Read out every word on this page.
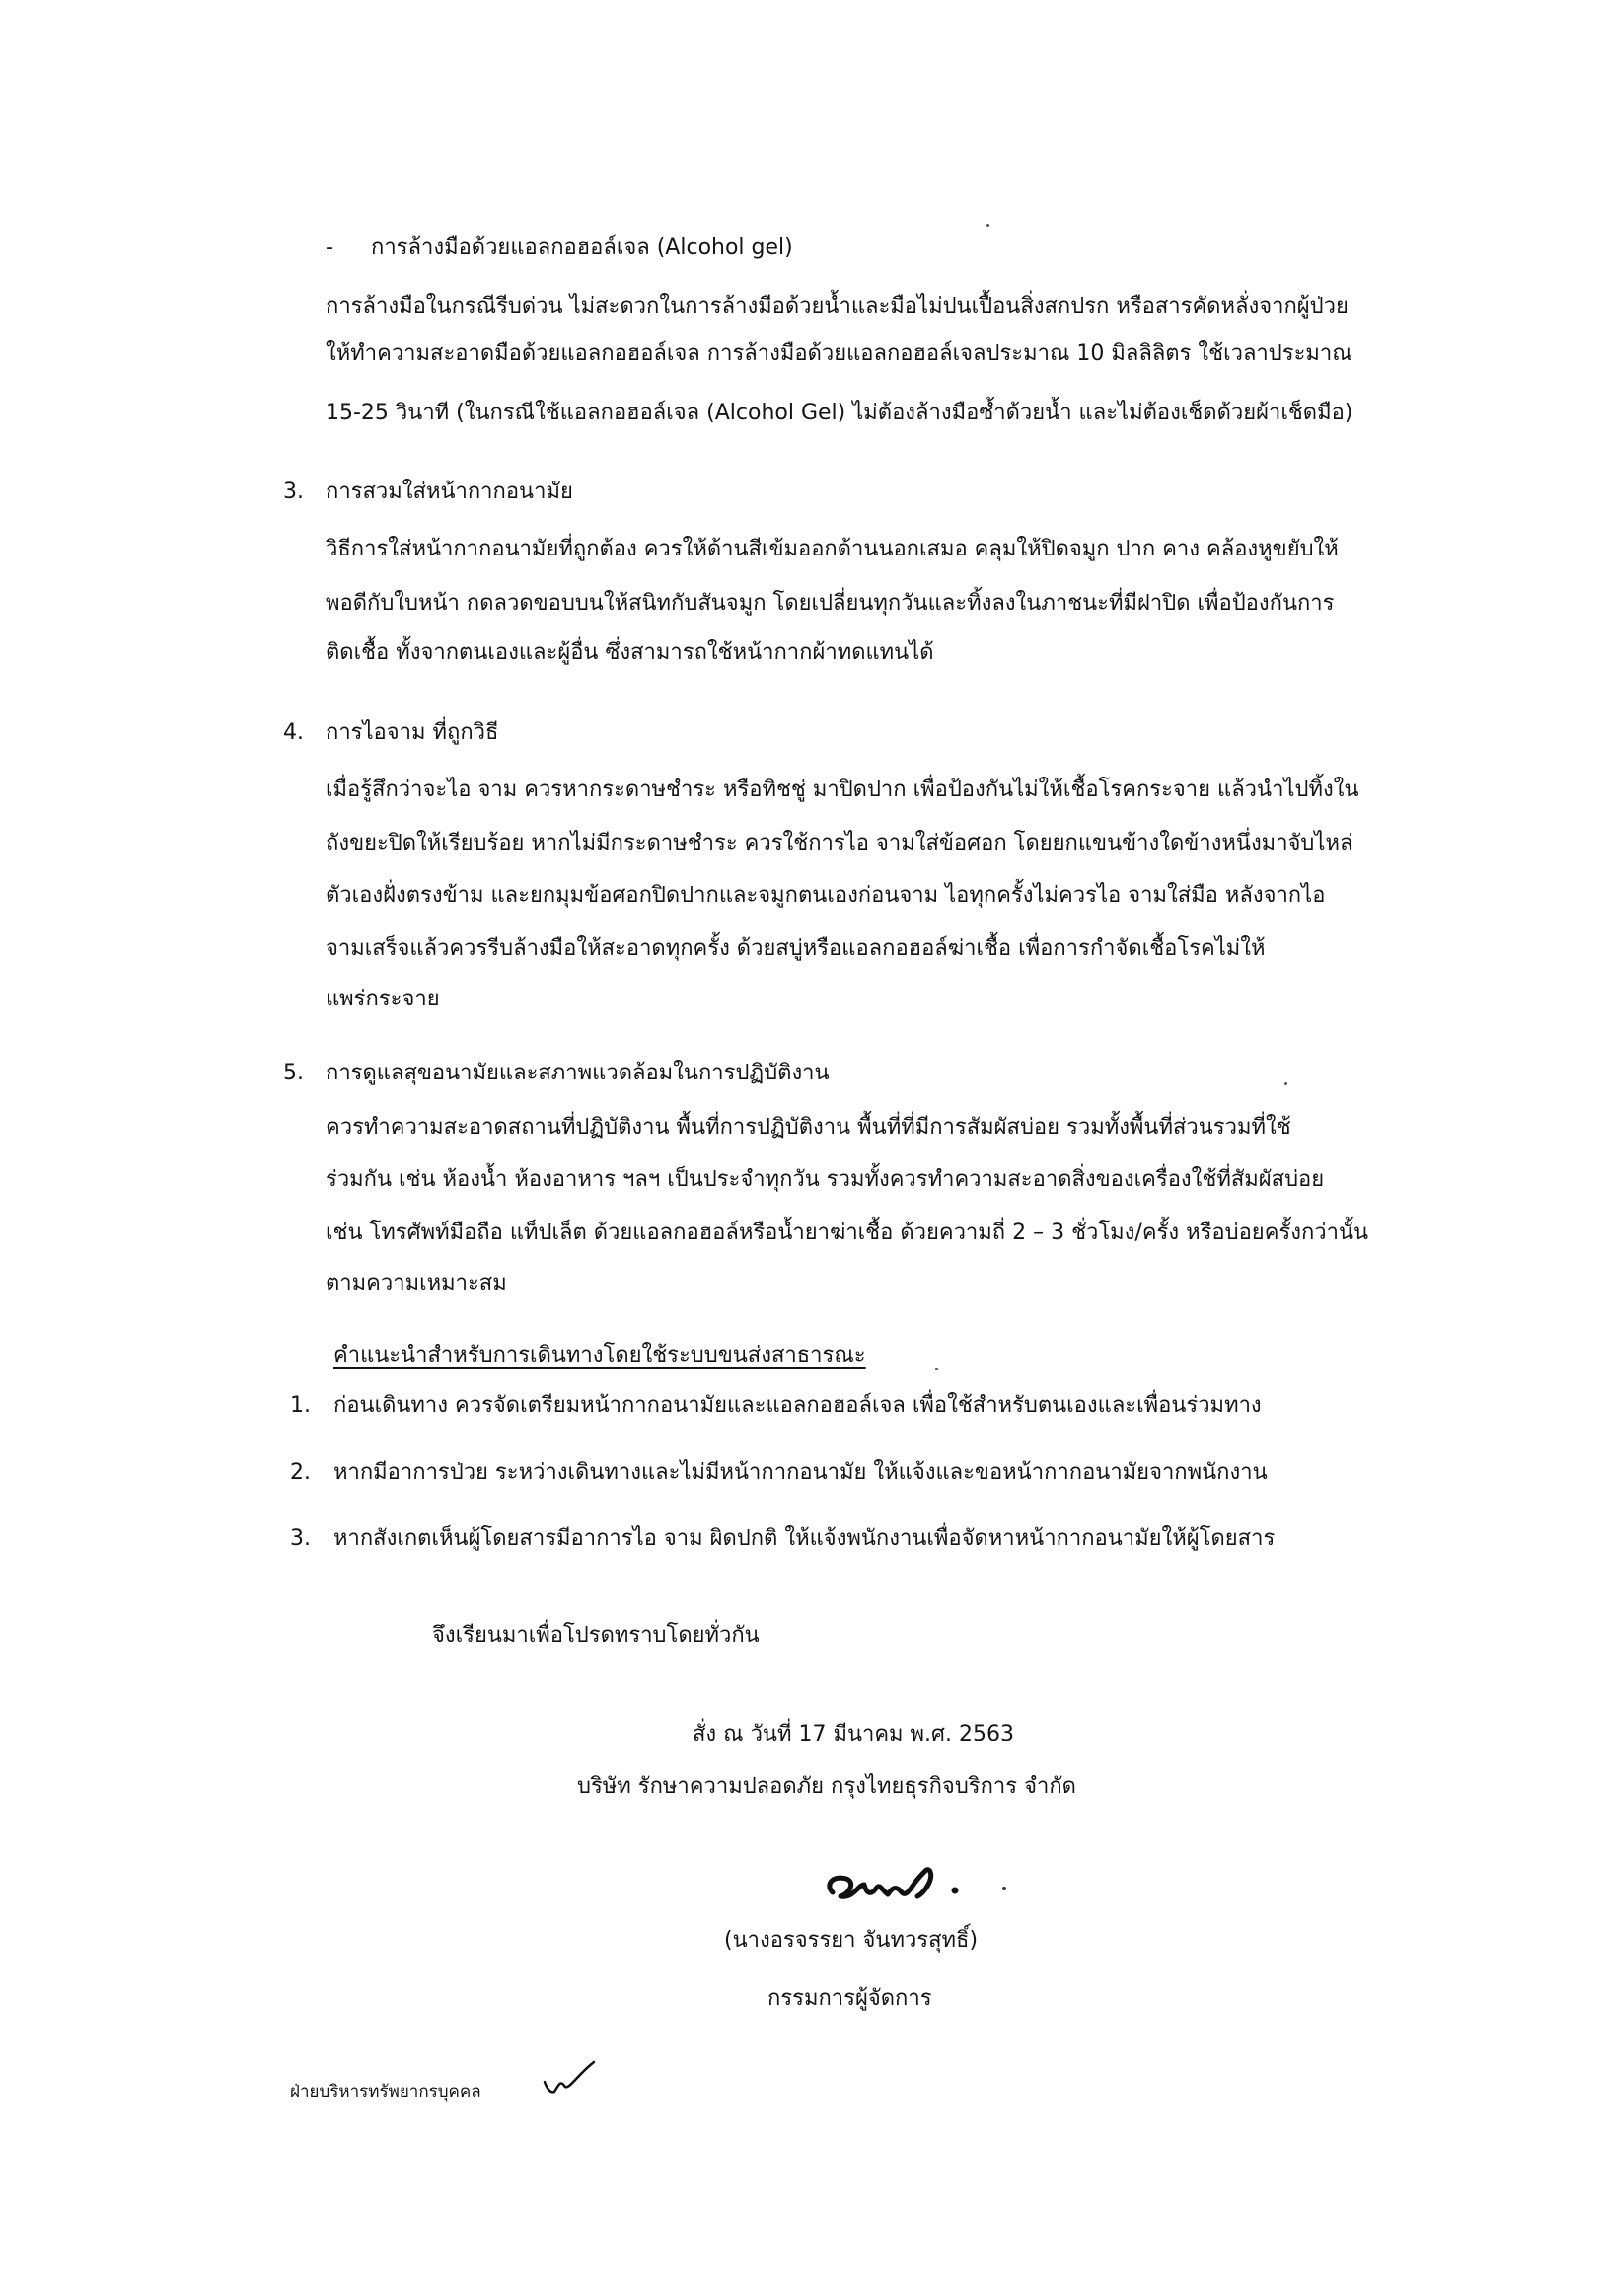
- การล้างมือด้วยแอลกอฮอล์เจล (Alcohol gel)
การล้างมือในกรณีรีบด่วน ไม่สะดวกในการล้างมือด้วยน้ำและมือไม่ปนเปื้อนสิ่งสกปรก หรือสารคัดหลั่งจากผู้ป่วย
ให้ทำความสะอาดมือด้วยแอลกอฮอล์เจล การล้างมือด้วยแอลกอฮอล์เจลประมาณ 10 มิลลิลิตร ใช้เวลาประมาณ
15-25 วินาที (ในกรณีใช้แอลกอฮอล์เจล (Alcohol Gel) ไม่ต้องล้างมือซ้ำด้วยน้ำ และไม่ต้องเช็ดด้วยผ้าเช็ดมือ)
3. การสวมใส่หน้ากากอนามัย
วิธีการใส่หน้ากากอนามัยที่ถูกต้อง ควรให้ด้านสีเข้มออกด้านนอกเสมอ คลุมให้ปิดจมูก ปาก คาง คล้องหูขยับให้
พอดีกับใบหน้า กดลวดขอบบนให้สนิทกับสันจมูก โดยเปลี่ยนทุกวันและทิ้งลงในภาชนะที่มีฝาปิด เพื่อป้องกันการ
ติดเชื้อ ทั้งจากตนเองและผู้อื่น ซึ่งสามารถใช้หน้ากากผ้าทดแทนได้
4. การไอจาม ที่ถูกวิธี
เมื่อรู้สึกว่าจะไอ จาม ควรหากระดาษชำระ หรือทิชชู่ มาปิดปาก เพื่อป้องกันไม่ให้เชื้อโรคกระจาย แล้วนำไปทิ้งใน
ถังขยะปิดให้เรียบร้อย หากไม่มีกระดาษชำระ ควรใช้การไอ จามใส่ข้อศอก โดยยกแขนข้างใดข้างหนึ่งมาจับไหล่
ตัวเองฝั่งตรงข้าม และยกมุมข้อศอกปิดปากและจมูกตนเองก่อนจาม ไอทุกครั้งไม่ควรไอ จามใส่มือ หลังจากไอ
จามเสร็จแล้วควรรีบล้างมือให้สะอาดทุกครั้ง ด้วยสบู่หรือแอลกอฮอล์ฆ่าเชื้อ เพื่อการกำจัดเชื้อโรคไม่ให้
แพร่กระจาย
5. การดูแลสุขอนามัยและสภาพแวดล้อมในการปฏิบัติงาน
ควรทำความสะอาดสถานที่ปฏิบัติงาน พื้นที่การปฏิบัติงาน พื้นที่ที่มีการสัมผัสบ่อย รวมทั้งพื้นที่ส่วนรวมที่ใช้
ร่วมกัน เช่น ห้องน้ำ ห้องอาหาร ฯลฯ เป็นประจำทุกวัน รวมทั้งควรทำความสะอาดสิ่งของเครื่องใช้ที่สัมผัสบ่อย
เช่น โทรศัพท์มือถือ แท็ปเล็ต ด้วยแอลกอฮอล์หรือน้ำยาฆ่าเชื้อ ด้วยความถี่ 2 – 3 ชั่วโมง/ครั้ง หรือบ่อยครั้งกว่านั้น
ตามความเหมาะสม
คำแนะนำสำหรับการเดินทางโดยใช้ระบบขนส่งสาธารณะ
1. ก่อนเดินทาง ควรจัดเตรียมหน้ากากอนามัยและแอลกอฮอล์เจล เพื่อใช้สำหรับตนเองและเพื่อนร่วมทาง
2. หากมีอาการป่วย ระหว่างเดินทางและไม่มีหน้ากากอนามัย ให้แจ้งและขอหน้ากากอนามัยจากพนักงาน
3. หากสังเกตเห็นผู้โดยสารมีอาการไอ จาม ผิดปกติ ให้แจ้งพนักงานเพื่อจัดหาหน้ากากอนามัยให้ผู้โดยสาร
จึงเรียนมาเพื่อโปรดทราบโดยทั่วกัน
สั่ง ณ วันที่ 17 มีนาคม พ.ศ. 2563
บริษัท รักษาความปลอดภัย กรุงไทยธุรกิจบริการ จำกัด
(นางอรจรรยา จันทวรสุทธิ์)
กรรมการผู้จัดการ
ฝ่ายบริหารทรัพยากรบุคคล
